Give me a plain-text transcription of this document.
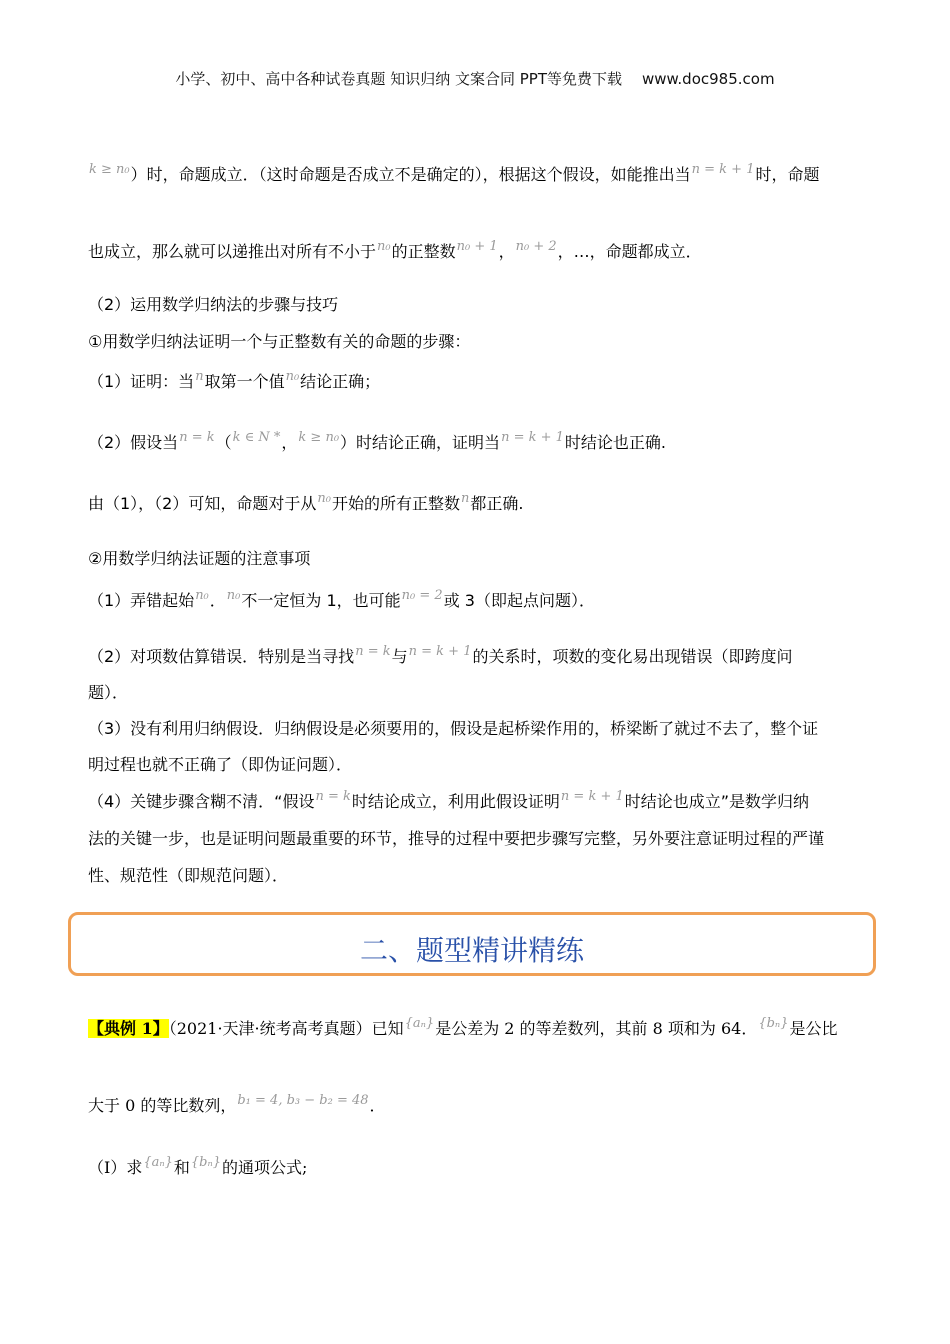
小学、初中、高中各种试卷真题 知识归纳 文案合同 PPT等免费下载 www.doc985.com
$^{k \ge n_0}$）时，命题成立．（这时命题是否成立不是确定的），根据这个假设，如能推出当$^{n = k + 1}$时，命题
也成立，那么就可以递推出对所有不小于$^{n_0}$的正整数$^{n_0 + 1}$，$^{n_0 + 2}$，…，命题都成立．
（2）运用数学归纳法的步骤与技巧
①用数学归纳法证明一个与正整数有关的命题的步骤：
（1）证明：当$^n$取第一个值$^{n_0}$结论正确；
（2）假设当$^{n = k}$（$^{k \in N *}$，$^{k \ge n_0}$）时结论正确，证明当$^{n = k + 1}$时结论也正确.
由（1），（2）可知，命题对于从$^{n_0}$开始的所有正整数$^n$都正确.
②用数学归纳法证题的注意事项
（1）弄错起始$^{n_0}$．$^{n_0}$不一定恒为 1，也可能$^{n_0 = 2}$或 3（即起点问题）．
（2）对项数估算错误．特别是当寻找$^{n = k}$与$^{n = k + 1}$的关系时，项数的变化易出现错误（即跨度问
题）．
（3）没有利用归纳假设．归纳假设是必须要用的，假设是起桥梁作用的，桥梁断了就过不去了，整个证
明过程也就不正确了（即伪证问题）．
（4）关键步骤含糊不清．“假设$^{n = k}$时结论成立，利用此假设证明$^{n = k + 1}$时结论也成立”是数学归纳
法的关键一步，也是证明问题最重要的环节，推导的过程中要把步骤写完整，另外要注意证明过程的严谨
性、规范性（即规范问题）．
二、题型精讲精练
【典例 1】（2021·天津·统考高考真题）已知$^{\{a_n\}}$是公差为 2 的等差数列，其前 8 项和为 64．$^{\{b_n\}}$是公比
大于 0 的等比数列，$^{b_1 = 4, b_3 - b_2 = 48}$．
（I）求$^{\{a_n\}}$和$^{\{b_n\}}$的通项公式;
